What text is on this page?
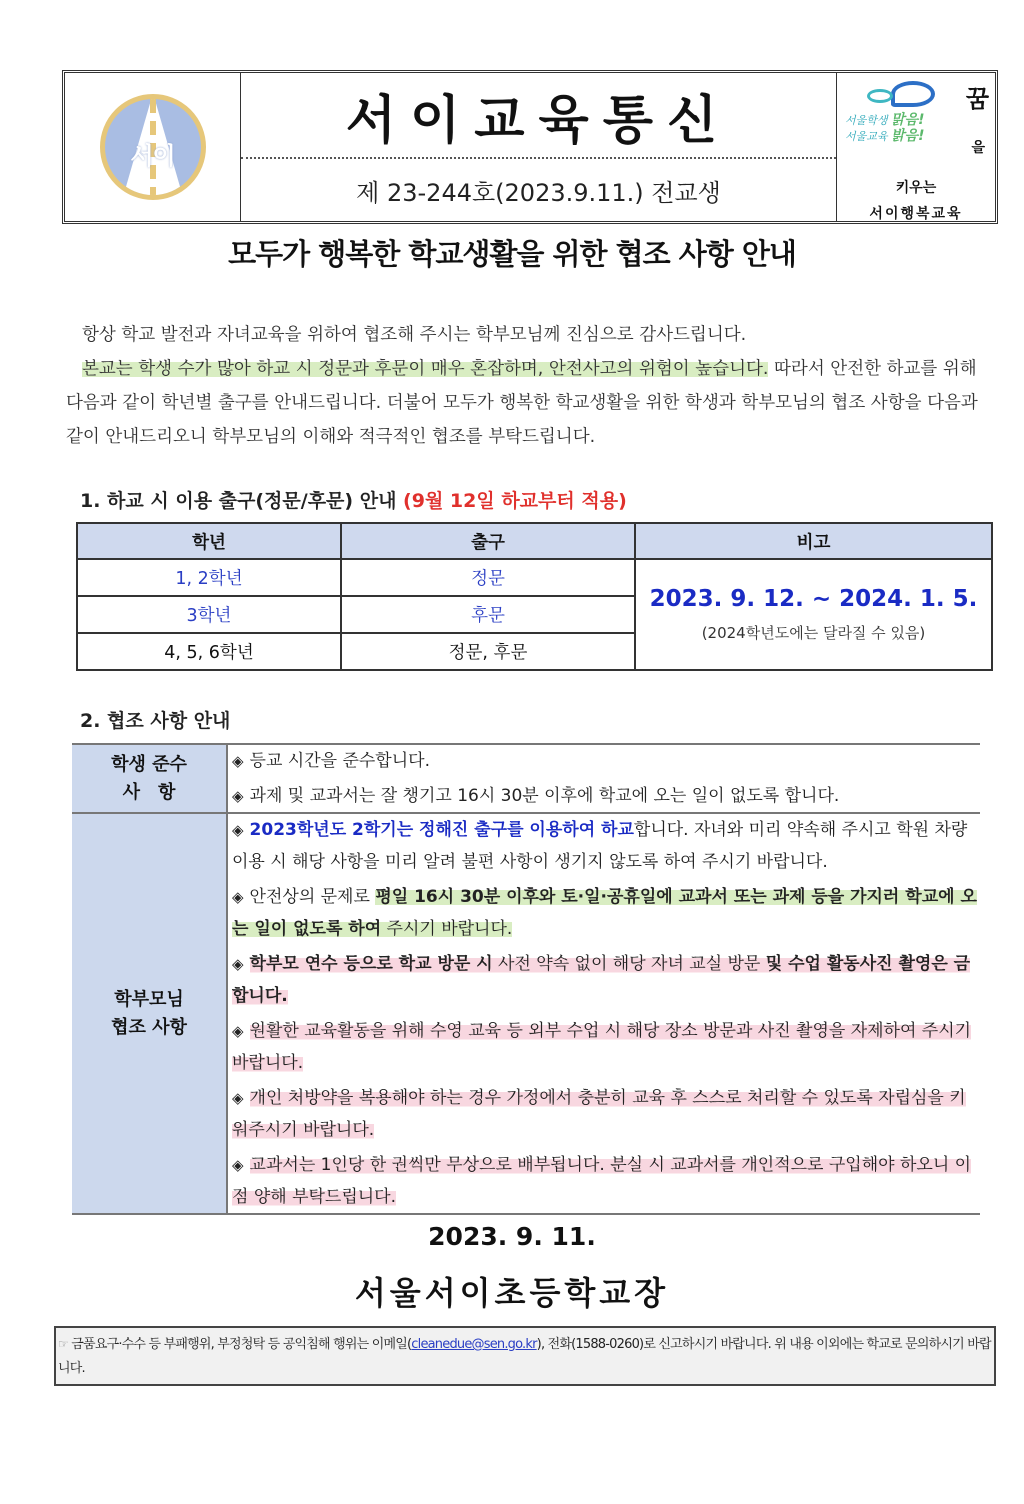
서이
서이교육통신
제 23-244호(2023.9.11.) 전교생
서울학생 맑음!
서울교육 밝음!
꿈
을
키우는
서이행복교육
모두가 행복한 학교생활을 위한 협조 사항 안내

항상 학교 발전과 자녀교육을 위하여 협조해 주시는 학부모님께 진심으로 감사드립니다.

본교는 학생 수가 많아 하교 시 정문과 후문이 매우 혼잡하며, 안전사고의 위험이 높습니다. 따라서 안전한 하교를 위해 다음과 같이 학년별 출구를 안내드립니다. 더불어 모두가 행복한 학교생활을 위한 학생과 학부모님의 협조 사항을 다음과 같이 안내드리오니 학부모님의 이해와 적극적인 협조를 부탁드립니다.

1. 하교 시 이용 출구(정문/후문) 안내 (9월 12일 하교부터 적용)
학년	출구	비고
1, 2학년	정문	2023. 9. 12. ~ 2024. 1. 5.
(2024학년도에는 달라질 수 있음)

3학년	후문	
4, 5, 6학년	정문, 후문	
2. 협조 사항 안내
학생 준수
사　항

◈ 등교 시간을 준수합니다.
◈ 과제 및 교과서는 잘 챙기고 16시 30분 이후에 학교에 오는 일이 없도록 합니다.

학부모님
협조 사항

◈ 2023학년도 2학기는 정해진 출구를 이용하여 하교합니다. 자녀와 미리 약속해 주시고 학원 차량 이용 시 해당 사항을 미리 알려 불편 사항이 생기지 않도록 하여 주시기 바랍니다.
◈ 안전상의 문제로 평일 16시 30분 이후와 토·일·공휴일에 교과서 또는 과제 등을 가지러 학교에 오는 일이 없도록 하여 주시기 바랍니다.
◈ 학부모 연수 등으로 학교 방문 시 사전 약속 없이 해당 자녀 교실 방문 및 수업 활동사진 촬영은 금합니다.
◈ 원활한 교육활동을 위해 수영 교육 등 외부 수업 시 해당 장소 방문과 사진 촬영을 자제하여 주시기 바랍니다.
◈ 개인 처방약을 복용해야 하는 경우 가정에서 충분히 교육 후 스스로 처리할 수 있도록 자립심을 키워주시기 바랍니다.
◈ 교과서는 1인당 한 권씩만 무상으로 배부됩니다. 분실 시 교과서를 개인적으로 구입해야 하오니 이점 양해 부탁드립니다.
2023. 9. 11.
서울서이초등학교장
☞ 금품요구·수수 등 부패행위, 부정청탁 등 공익침해 행위는 이메일(cleanedue@sen.go.kr), 전화(1588-0260)로 신고하시기 바랍니다. 위 내용 이외에는 학교로 문의하시기 바랍니다.
